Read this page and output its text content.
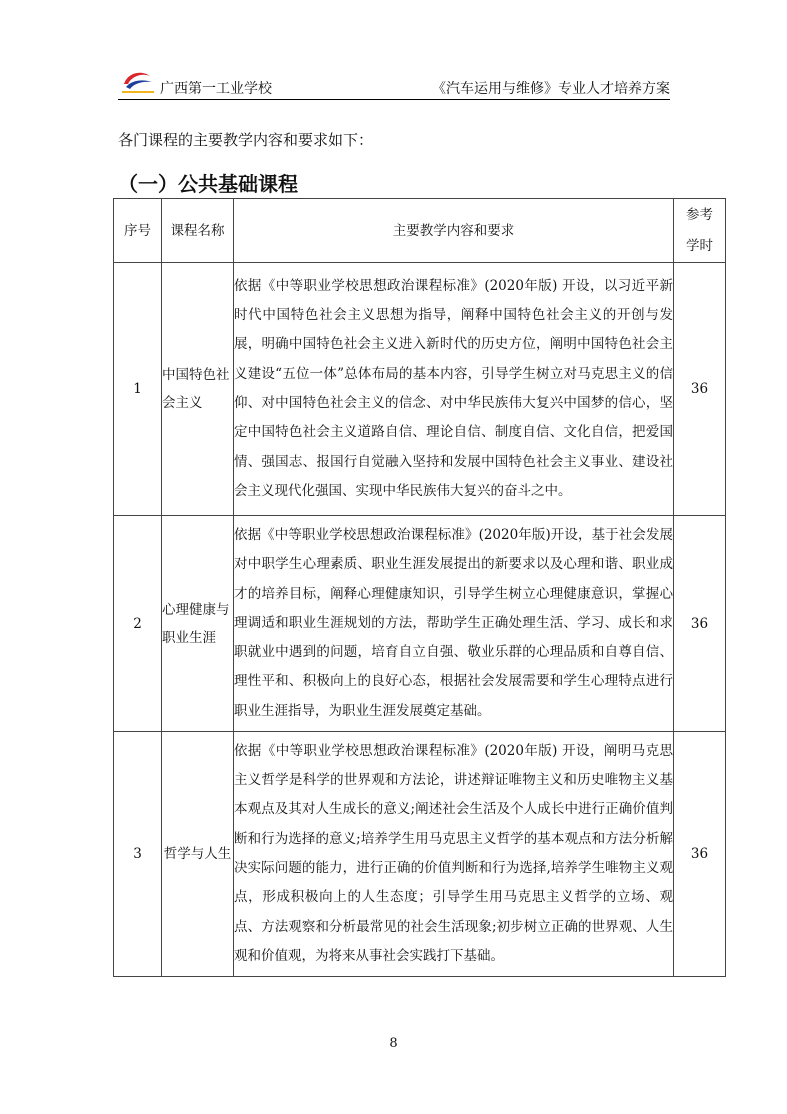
广西第一工业学校	《汽车运用与维修》专业人才培养方案
各门课程的主要教学内容和要求如下：
（一）公共基础课程
序号	课程名称	主要教学内容和要求	参考
学时

1	中国特色社会主义	依据《中等职业学校思想政治课程标准》(2020年版) 开设，以习近平新时代中国特色社会主义思想为指导，阐释中国特色社会主义的开创与发展，明确中国特色社会主义进入新时代的历史方位，阐明中国特色社会主义建设“五位一体”总体布局的基本内容，引导学生树立对马克思主义的信仰、对中国特色社会主义的信念、对中华民族伟大复兴中国梦的信心，坚定中国特色社会主义道路自信、理论自信、制度自信、文化自信，把爱国情、强国志、报国行自觉融入坚持和发展中国特色社会主义事业、建设社会主义现代化强国、实现中华民族伟大复兴的奋斗之中。	36
2	心理健康与职业生涯	依据《中等职业学校思想政治课程标准》(2020年版)开设，基于社会发展对中职学生心理素质、职业生涯发展提出的新要求以及心理和谐、职业成才的培养目标，阐释心理健康知识，引导学生树立心理健康意识，掌握心理调适和职业生涯规划的方法，帮助学生正确处理生活、学习、成长和求职就业中遇到的问题，培育自立自强、敬业乐群的心理品质和自尊自信、理性平和、积极向上的良好心态，根据社会发展需要和学生心理特点进行职业生涯指导，为职业生涯发展奠定基础。	36
3	哲学与人生	依据《中等职业学校思想政治课程标准》(2020年版) 开设，阐明马克思主义哲学是科学的世界观和方法论，讲述辩证唯物主义和历史唯物主义基本观点及其对人生成长的意义;阐述社会生活及个人成长中进行正确价值判断和行为选择的意义;培养学生用马克思主义哲学的基本观点和方法分析解决实际问题的能力，进行正确的价值判断和行为选择,培养学生唯物主义观点，形成积极向上的人生态度；引导学生用马克思主义哲学的立场、观点、方法观察和分析最常见的社会生活现象;初步树立正确的世界观、人生观和价值观，为将来从事社会实践打下基础。	36
8
